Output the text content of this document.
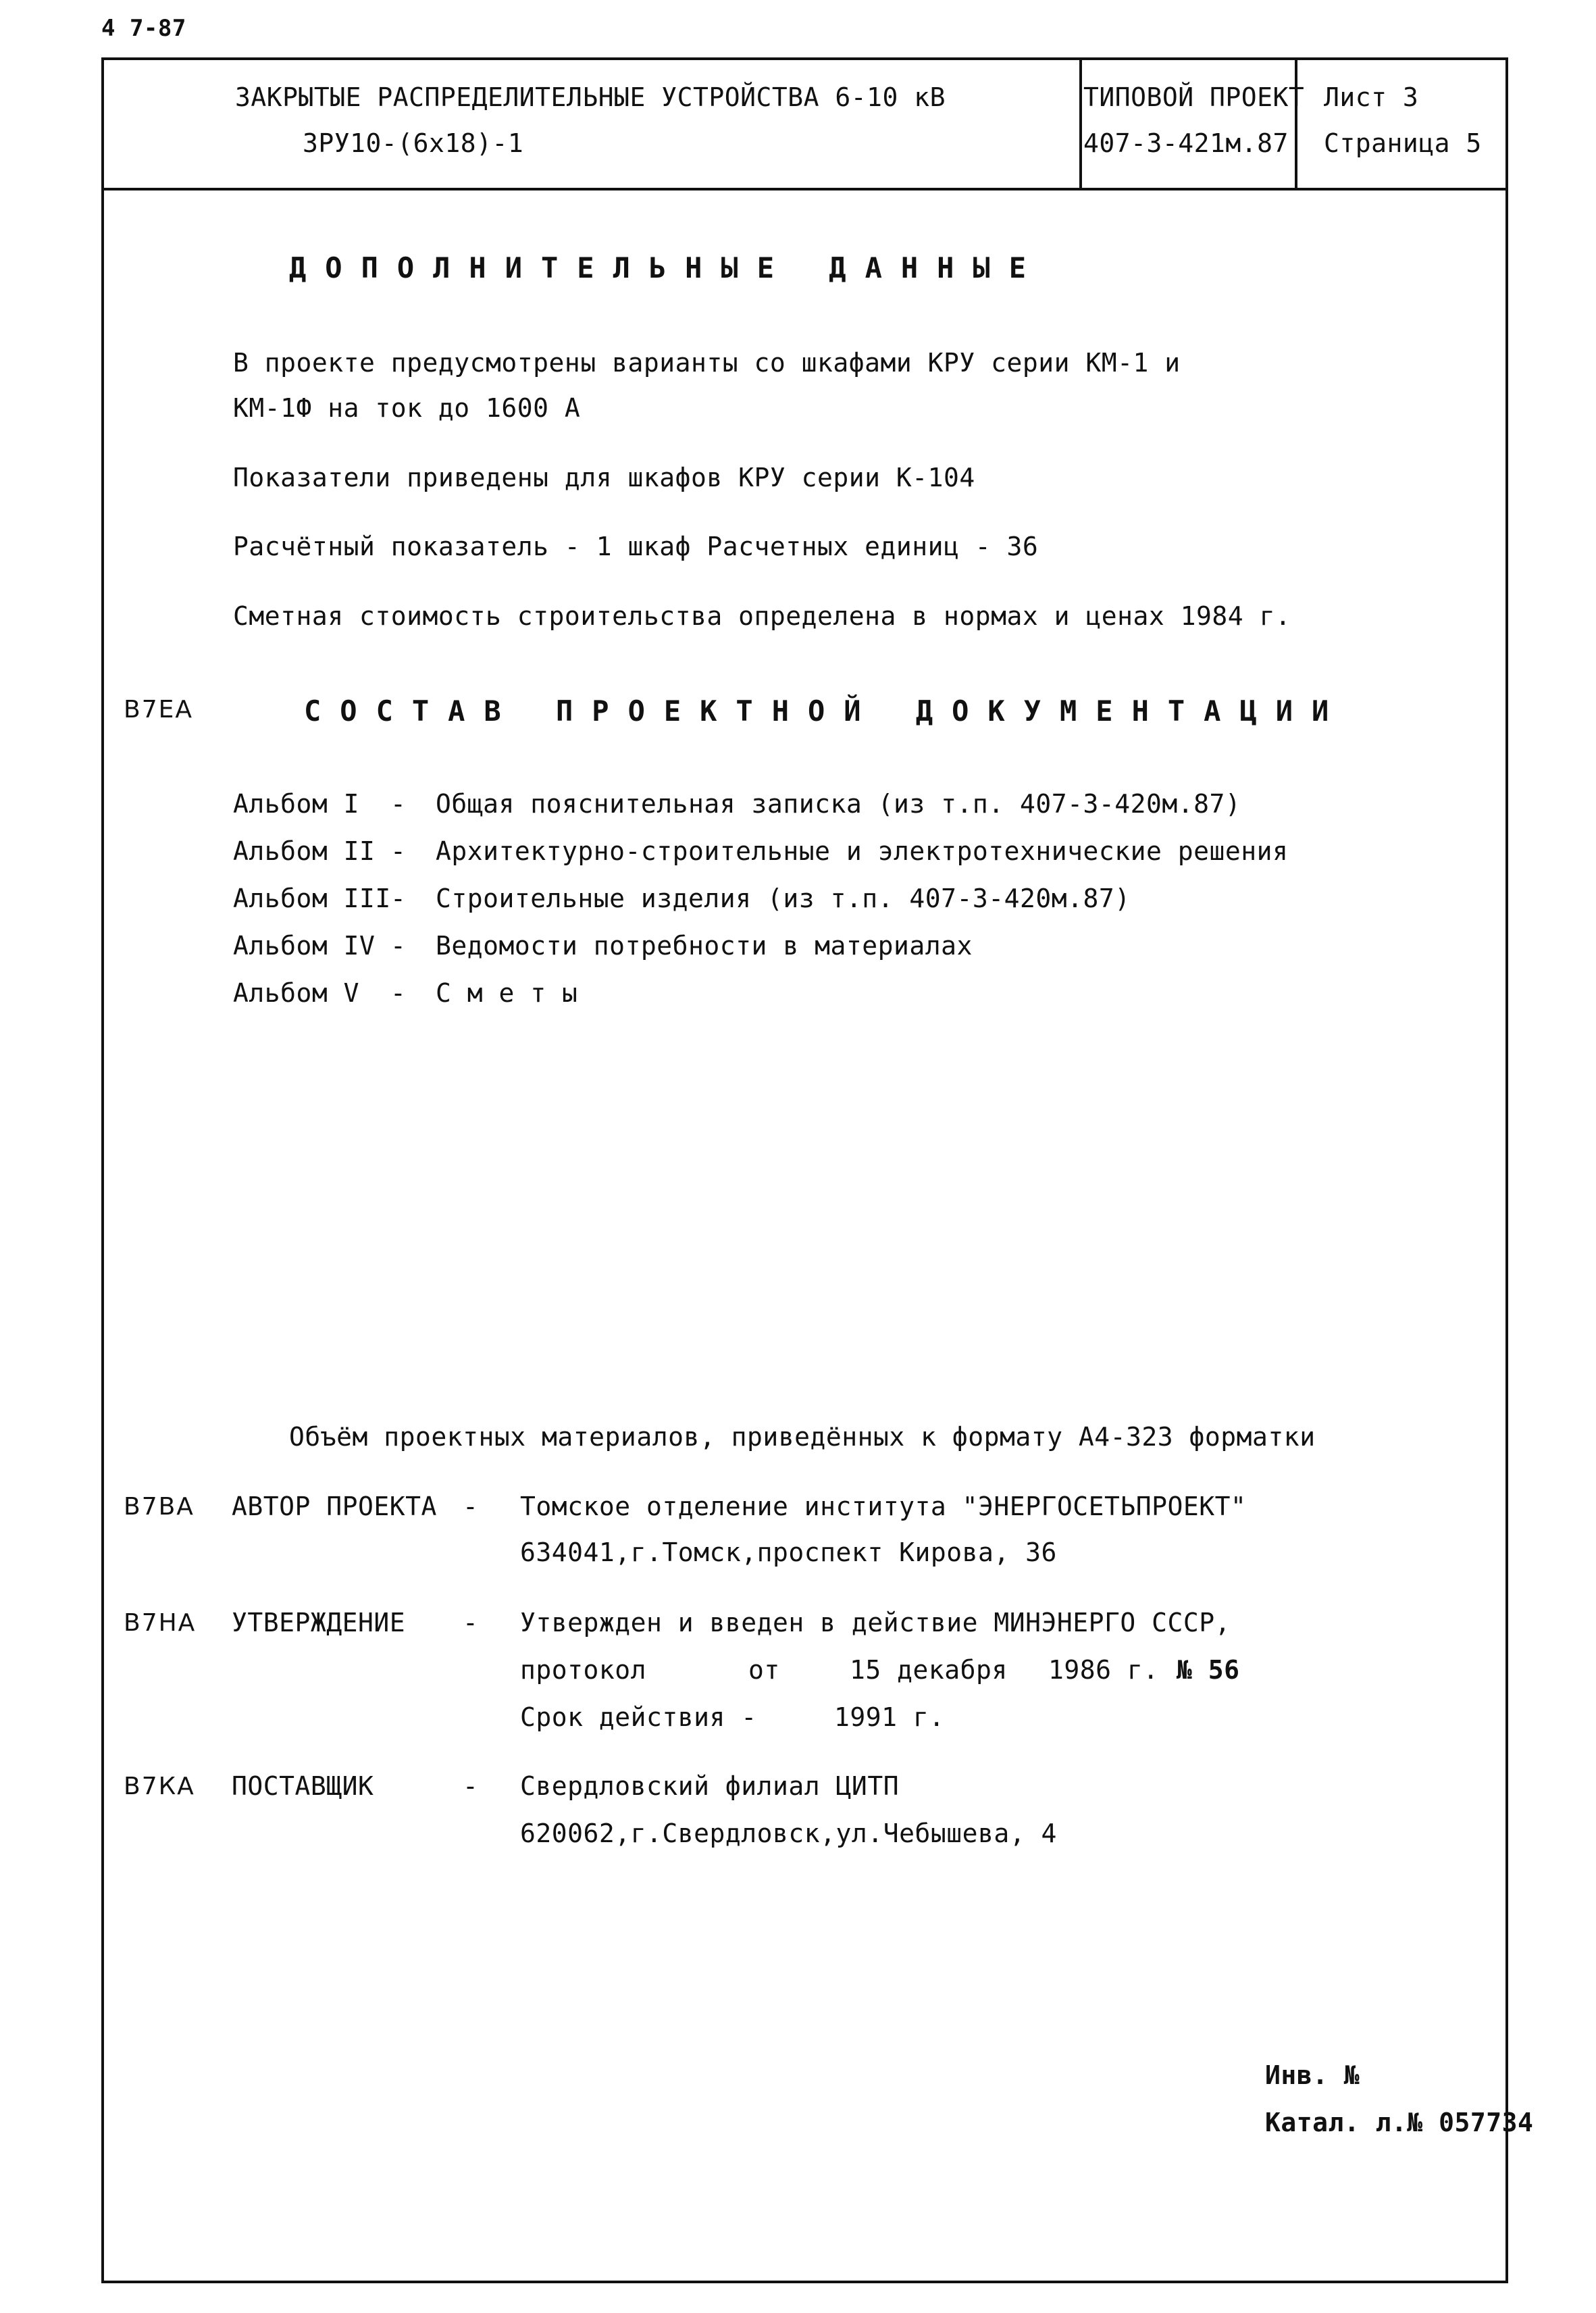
4 7-87
ЗАКРЫТЫЕ РАСПРЕДЕЛИТЕЛЬНЫЕ УСТРОЙСТВА 6-10 кВ
ЗРУ10-(6х18)-1
ТИПОВОЙ ПРОЕКТ
407-3-421м.87
Лист 3
Страница 5
ДОПОЛНИТЕЛЬНЫЕ ДАННЫЕ
В проекте предусмотрены варианты со шкафами КРУ серии КМ-1 и
КМ-1Ф на ток до 1600 А
Показатели приведены для шкафов КРУ серии К-104
Расчётный показатель - 1 шкаф Расчетных единиц - 36
Сметная стоимость строительства определена в нормах и ценах 1984 г.
В7ЕА	СОСТАВ ПРОЕКТНОЙ ДОКУМЕНТАЦИИ
Альбом I - Общая пояснительная записка (из т.п. 407-3-420м.87)
Альбом II - Архитектурно-строительные и электротехнические решения
Альбом III - Строительные изделия (из т.п. 407-3-420м.87)
Альбом IV - Ведомости потребности в материалах
Альбом V - С м е т ы
Объём проектных материалов, приведённых к формату А4-323 форматки
В7ВА АВТОР ПРОЕКТА - Томское отделение института "ЭНЕРГОСЕТЬПРОЕКТ"
634041,г.Томск,проспект Кирова, 36
В7НА УТВЕРЖДЕНИЕ - Утвержден и введен в действие МИНЭНЕРГО СССР,
протокол	от	15 декабря 1986 г. № 56
Срок действия -	1991 г.
В7КА ПОСТАВЩИК	- Свердловский филиал ЦИТП
620062,г.Свердловск,ул.Чебышева, 4
Инв. №
Катал. л.№ 057734
